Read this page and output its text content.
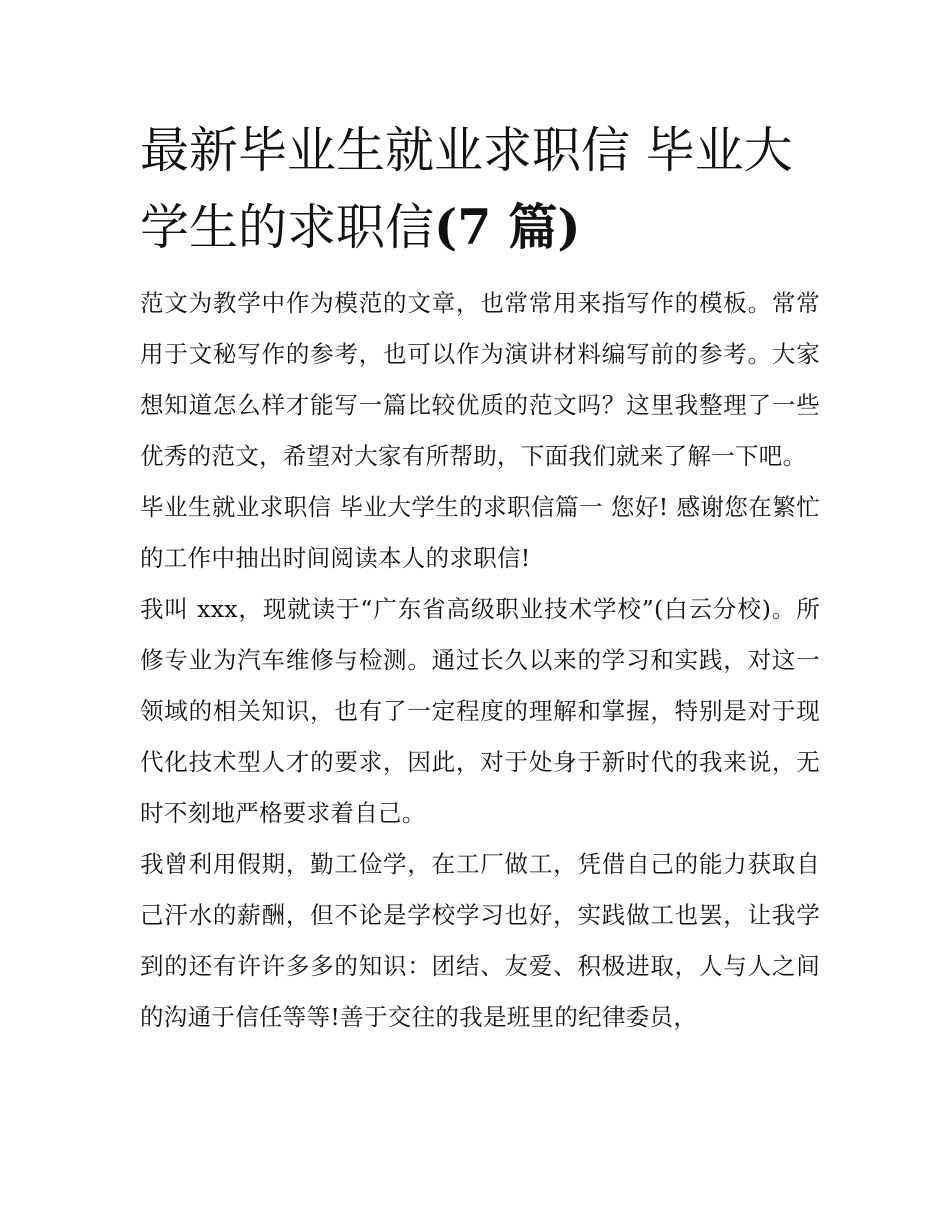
最新毕业生就业求职信 毕业大学生的求职信(7 篇)

范文为教学中作为模范的文章，也常常用来指写作的模板。常常用于文秘写作的参考，也可以作为演讲材料编写前的参考。大家想知道怎么样才能写一篇比较优质的范文吗？这里我整理了一些优秀的范文，希望对大家有所帮助，下面我们就来了解一下吧。

毕业生就业求职信 毕业大学生的求职信篇一 您好! 感谢您在繁忙的工作中抽出时间阅读本人的求职信!

我叫 xxx，现就读于“广东省高级职业技术学校”(白云分校)。所修专业为汽车维修与检测。通过长久以来的学习和实践，对这一领域的相关知识，也有了一定程度的理解和掌握，特别是对于现代化技术型人才的要求，因此，对于处身于新时代的我来说，无时不刻地严格要求着自己。

我曾利用假期，勤工俭学，在工厂做工，凭借自己的能力获取自己汗水的薪酬，但不论是学校学习也好，实践做工也罢，让我学到的还有许许多多的知识：团结、友爱、积极进取，人与人之间的沟通于信任等等!善于交往的我是班里的纪律委员，
